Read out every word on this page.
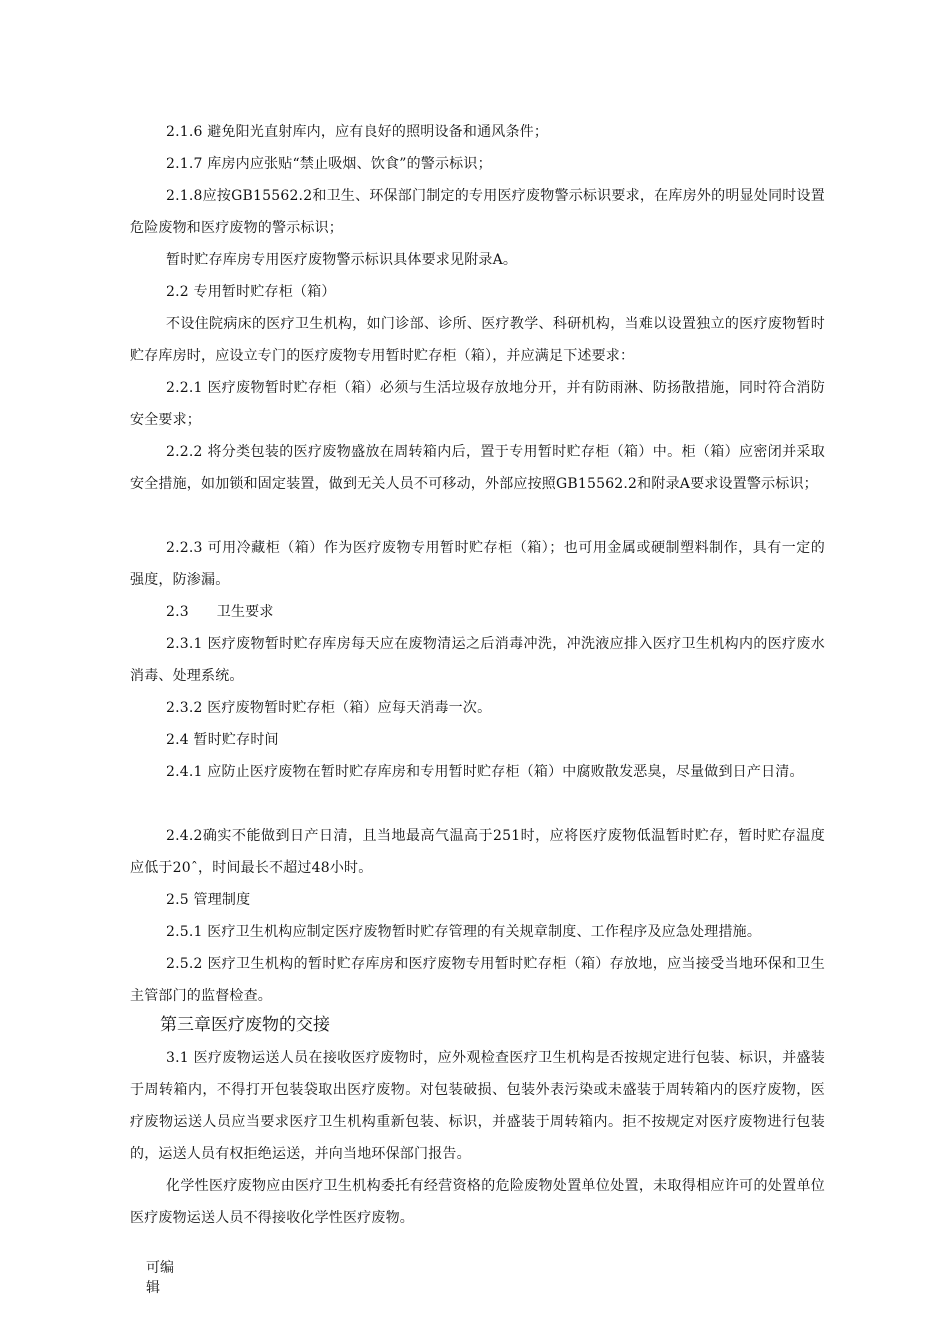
2.1.6 避免阳光直射库内，应有良好的照明设备和通风条件；

2.1.7 库房内应张贴“禁止吸烟、饮食”的警示标识；

2.1.8应按GB15562.2和卫生、环保部门制定的专用医疗废物警示标识要求，在库房外的明显处同时设置危险废物和医疗废物的警示标识；

暂时贮存库房专用医疗废物警示标识具体要求见附录A。

2.2 专用暂时贮存柜（箱）

不设住院病床的医疗卫生机构，如门诊部、诊所、医疗教学、科研机构，当难以设置独立的医疗废物暂时贮存库房时，应设立专门的医疗废物专用暂时贮存柜（箱），并应满足下述要求：

2.2.1 医疗废物暂时贮存柜（箱）必须与生活垃圾存放地分开，并有防雨淋、防扬散措施，同时符合消防安全要求；

2.2.2 将分类包装的医疗废物盛放在周转箱内后，置于专用暂时贮存柜（箱）中。柜（箱）应密闭并采取安全措施，如加锁和固定装置，做到无关人员不可移动，外部应按照GB15562.2和附录A要求设置警示标识；

2.2.3 可用冷藏柜（箱）作为医疗废物专用暂时贮存柜（箱）；也可用金属或硬制塑料制作，具有一定的强度，防渗漏。

2.3      卫生要求

2.3.1 医疗废物暂时贮存库房每天应在废物清运之后消毒冲洗，冲洗液应排入医疗卫生机构内的医疗废水消毒、处理系统。

2.3.2 医疗废物暂时贮存柜（箱）应每天消毒一次。

2.4 暂时贮存时间

2.4.1 应防止医疗废物在暂时贮存库房和专用暂时贮存柜（箱）中腐败散发恶臭，尽量做到日产日清。

2.4.2确实不能做到日产日清，且当地最高气温高于251时，应将医疗废物低温暂时贮存，暂时贮存温度应低于20ˆ，时间最长不超过48小时。

2.5 管理制度

2.5.1 医疗卫生机构应制定医疗废物暂时贮存管理的有关规章制度、工作程序及应急处理措施。

2.5.2 医疗卫生机构的暂时贮存库房和医疗废物专用暂时贮存柜（箱）存放地，应当接受当地环保和卫生主管部门的监督检查。

第三章医疗废物的交接

3.1 医疗废物运送人员在接收医疗废物时，应外观检查医疗卫生机构是否按规定进行包装、标识，并盛装于周转箱内，不得打开包装袋取出医疗废物。对包装破损、包装外表污染或未盛装于周转箱内的医疗废物，医疗废物运送人员应当要求医疗卫生机构重新包装、标识，并盛装于周转箱内。拒不按规定对医疗废物进行包装的，运送人员有权拒绝运送，并向当地环保部门报告。

化学性医疗废物应由医疗卫生机构委托有经营资格的危险废物处置单位处置，未取得相应许可的处置单位医疗废物运送人员不得接收化学性医疗废物。

可编辑
